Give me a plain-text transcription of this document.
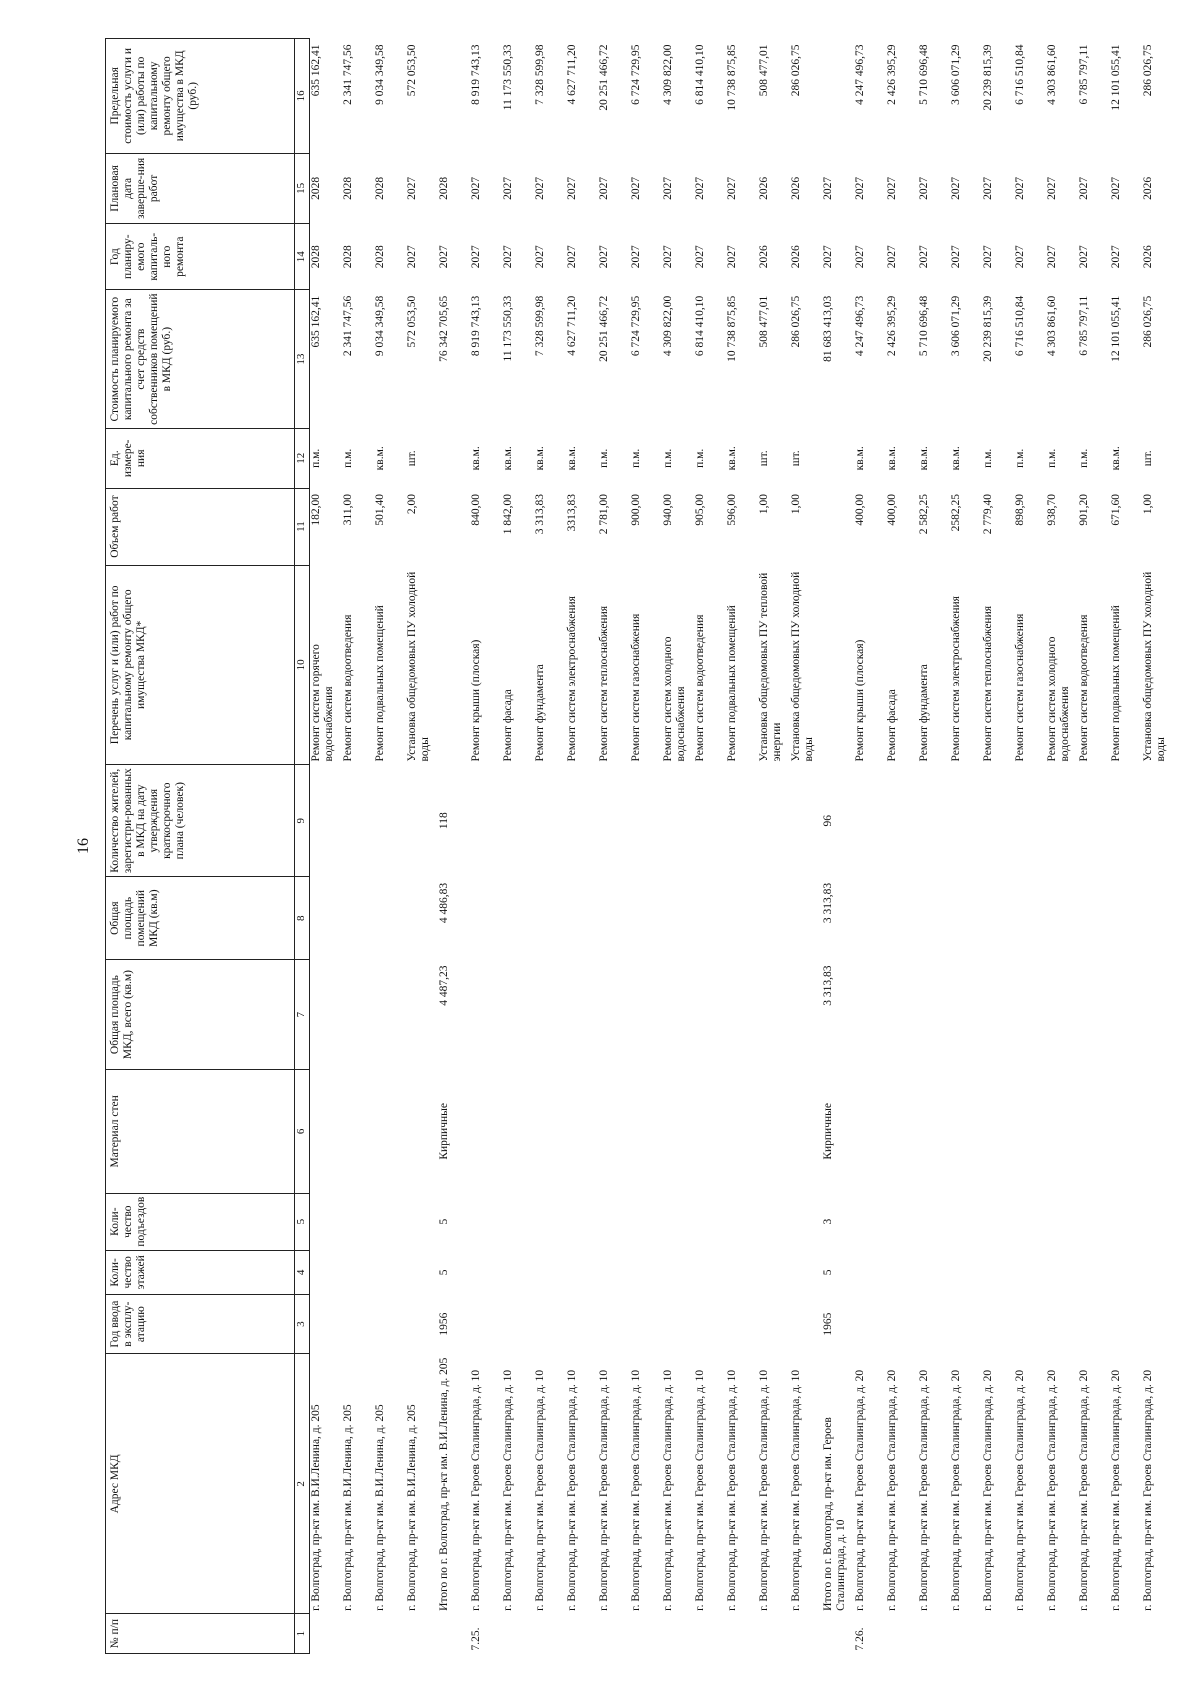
16
№ п/п	Адрес МКД	Год ввода в эксплу-атацию	Коли-чество этажей	Коли-чество подъездов	Материал стен	Общая площадь МКД, всего (кв.м)	Общая площадь помещений МКД (кв.м)	Количество жителей, зарегистри-рованных в МКД на дату утверждения краткосрочного плана (человек)	Перечень услуг и (или) работ по капитальному ремонту общего имущества МКД*	Объем работ	Ед. измере-ния	Стоимость планируемого капитального ремонта за счет средств собственников помещений в МКД (руб.)	Год планиру-емого капиталь-ного ремонта	Плановая дата заверше-ния работ	Предельная стоимость услуги и (или) работы по капитальному ремонту общего имущества в МКД (руб.)
1	2	3	4	5	6	7	8	9	10	11	12	13	14	15	16
	г. Волгоград, пр-кт им. В.И.Ленина, д. 205								Ремонт систем горячего водоснабжения	182,00	п.м.	635 162,41	2028	2028	635 162,41
	г. Волгоград, пр-кт им. В.И.Ленина, д. 205								Ремонт систем водоотведения	311,00	п.м.	2 341 747,56	2028	2028	2 341 747,56
	г. Волгоград, пр-кт им. В.И.Ленина, д. 205								Ремонт подвальных помещений	501,40	кв.м.	9 034 349,58	2028	2028	9 034 349,58
	г. Волгоград, пр-кт им. В.И.Ленина, д. 205								Установка общедомовых ПУ холодной воды	2,00	шт.	572 053,50	2027	2027	572 053,50
	Итого по г. Волгоград, пр-кт им. В.И.Ленина, д. 205	1956	5	5	Кирпичные	4 487,23	4 486,83	118				76 342 705,65	2027	2028	
7.25.	г. Волгоград, пр-кт им. Героев Сталинграда, д. 10								Ремонт крыши (плоская)	840,00	кв.м.	8 919 743,13	2027	2027	8 919 743,13
	г. Волгоград, пр-кт им. Героев Сталинграда, д. 10								Ремонт фасада	1 842,00	кв.м.	11 173 550,33	2027	2027	11 173 550,33
	г. Волгоград, пр-кт им. Героев Сталинграда, д. 10								Ремонт фундамента	3 313,83	кв.м.	7 328 599,98	2027	2027	7 328 599,98
	г. Волгоград, пр-кт им. Героев Сталинграда, д. 10								Ремонт систем электроснабжения	3313,83	кв.м.	4 627 711,20	2027	2027	4 627 711,20
	г. Волгоград, пр-кт им. Героев Сталинграда, д. 10								Ремонт систем теплоснабжения	2 781,00	п.м.	20 251 466,72	2027	2027	20 251 466,72
	г. Волгоград, пр-кт им. Героев Сталинграда, д. 10								Ремонт систем газоснабжения	900,00	п.м.	6 724 729,95	2027	2027	6 724 729,95
	г. Волгоград, пр-кт им. Героев Сталинграда, д. 10								Ремонт систем холодного водоснабжения	940,00	п.м.	4 309 822,00	2027	2027	4 309 822,00
	г. Волгоград, пр-кт им. Героев Сталинграда, д. 10								Ремонт систем водоотведения	905,00	п.м.	6 814 410,10	2027	2027	6 814 410,10
	г. Волгоград, пр-кт им. Героев Сталинграда, д. 10								Ремонт подвальных помещений	596,00	кв.м.	10 738 875,85	2027	2027	10 738 875,85
	г. Волгоград, пр-кт им. Героев Сталинграда, д. 10								Установка общедомовых ПУ тепловой энергии	1,00	шт.	508 477,01	2026	2026	508 477,01
	г. Волгоград, пр-кт им. Героев Сталинграда, д. 10								Установка общедомовых ПУ холодной воды	1,00	шт.	286 026,75	2026	2026	286 026,75
	Итого по г. Волгоград, пр-кт им. Героев Сталинграда, д. 10	1965	5	3	Кирпичные	3 313,83	3 313,83	96				81 683 413,03	2027	2027	
7.26.	г. Волгоград, пр-кт им. Героев Сталинграда, д. 20								Ремонт крыши (плоская)	400,00	кв.м.	4 247 496,73	2027	2027	4 247 496,73
	г. Волгоград, пр-кт им. Героев Сталинграда, д. 20								Ремонт фасада	400,00	кв.м.	2 426 395,29	2027	2027	2 426 395,29
	г. Волгоград, пр-кт им. Героев Сталинграда, д. 20								Ремонт фундамента	2 582,25	кв.м.	5 710 696,48	2027	2027	5 710 696,48
	г. Волгоград, пр-кт им. Героев Сталинграда, д. 20								Ремонт систем электроснабжения	2582,25	кв.м.	3 606 071,29	2027	2027	3 606 071,29
	г. Волгоград, пр-кт им. Героев Сталинграда, д. 20								Ремонт систем теплоснабжения	2 779,40	п.м.	20 239 815,39	2027	2027	20 239 815,39
	г. Волгоград, пр-кт им. Героев Сталинграда, д. 20								Ремонт систем газоснабжения	898,90	п.м.	6 716 510,84	2027	2027	6 716 510,84
	г. Волгоград, пр-кт им. Героев Сталинграда, д. 20								Ремонт систем холодного водоснабжения	938,70	п.м.	4 303 861,60	2027	2027	4 303 861,60
	г. Волгоград, пр-кт им. Героев Сталинграда, д. 20								Ремонт систем водоотведения	901,20	п.м.	6 785 797,11	2027	2027	6 785 797,11
	г. Волгоград, пр-кт им. Героев Сталинграда, д. 20								Ремонт подвальных помещений	671,60	кв.м.	12 101 055,41	2027	2027	12 101 055,41
	г. Волгоград, пр-кт им. Героев Сталинграда, д. 20								Установка общедомовых ПУ холодной воды	1,00	шт.	286 026,75	2026	2026	286 026,75
